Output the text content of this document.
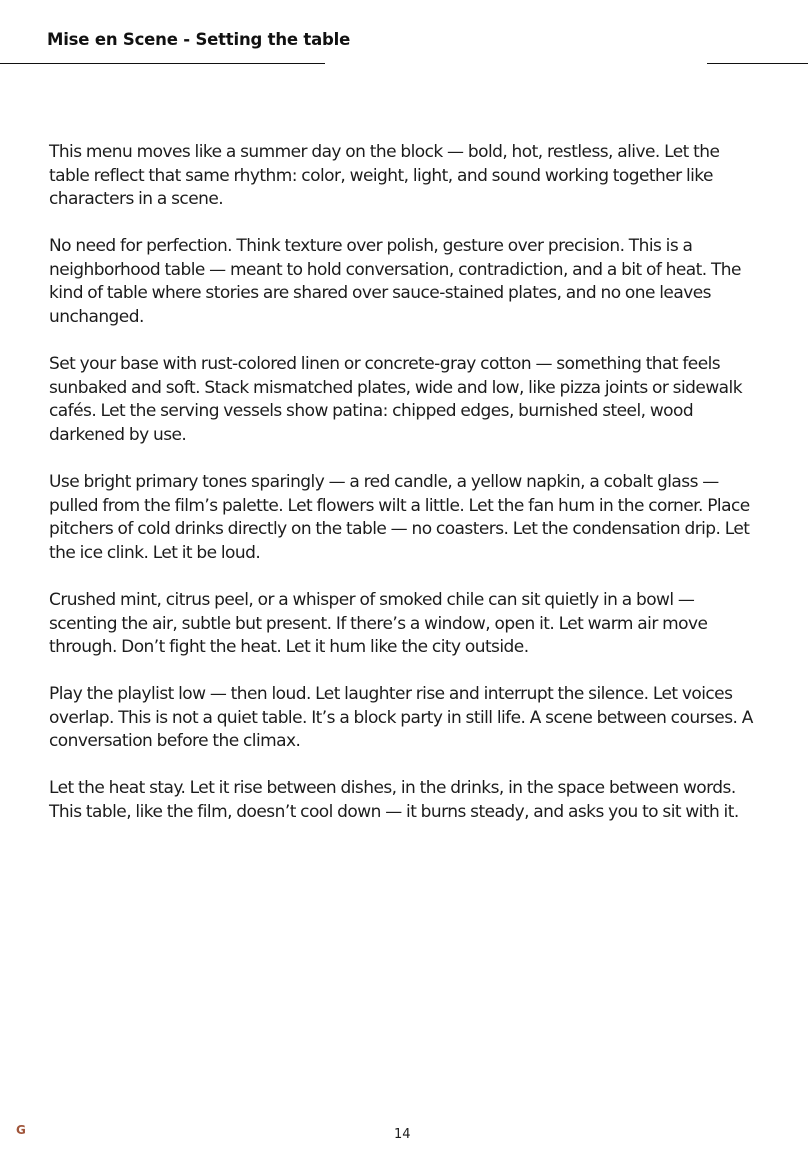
Mise en Scene - Setting the table

This menu moves like a summer day on the block — bold, hot, restless, alive. Let the table reflect that same rhythm: color, weight, light, and sound working together like characters in a scene.

No need for perfection. Think texture over polish, gesture over precision. This is a neighborhood table — meant to hold conversation, contradiction, and a bit of heat. The kind of table where stories are shared over sauce-stained plates, and no one leaves unchanged.

Set your base with rust-colored linen or concrete-gray cotton — something that feels sunbaked and soft. Stack mismatched plates, wide and low, like pizza joints or sidewalk cafés. Let the serving vessels show patina: chipped edges, burnished steel, wood darkened by use.

Use bright primary tones sparingly — a red candle, a yellow napkin, a cobalt glass — pulled from the film’s palette. Let flowers wilt a little. Let the fan hum in the corner. Place pitchers of cold drinks directly on the table — no coasters. Let the condensation drip. Let the ice clink. Let it be loud.

Crushed mint, citrus peel, or a whisper of smoked chile can sit quietly in a bowl — scenting the air, subtle but present. If there’s a window, open it. Let warm air move through. Don’t fight the heat. Let it hum like the city outside.

Play the playlist low — then loud. Let laughter rise and interrupt the silence. Let voices overlap. This is not a quiet table. It’s a block party in still life. A scene between courses. A conversation before the climax.

Let the heat stay. Let it rise between dishes, in the drinks, in the space between words. This table, like the film, doesn’t cool down — it burns steady, and asks you to sit with it.

G	14
